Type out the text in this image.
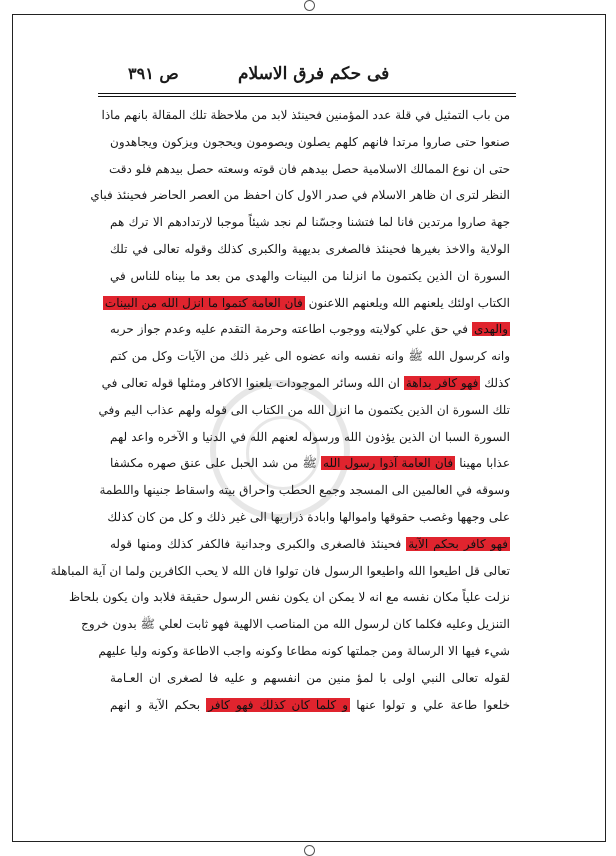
فی حکم فرق الاسلام
ص ۳۹۱
من باب التمثيل في قلة عدد المؤمنين فحينئذ لابد من ملاحظة تلك المقالة بانهم ماذا
صنعوا حتى صاروا مرتدا فانهم كلهم يصلون ويصومون ويحجون ويزكون ويجاهدون
حتى ان نوع الممالك الاسلامية حصل بيدهم فان قوته وسعته حصل بيدهم فلو دقت
النظر لترى ان ظاهر الاسلام في صدر الاول كان احفظ من العصر الحاضر فحينئذ فباي
جهة صاروا مرتدين فانا لما فتشنا وجسّنا لم نجد شيئاً موجبا لارتدادهم الا ترك هم
الولاية والاخذ بغيرها فحينئذ فالصغرى بديهية والكبرى كذلك وقوله تعالى في تلك
السورة ان الذين يكتمون ما انزلنا من البينات والهدى من بعد ما بيناه للناس في
الكتاب اولئك يلعنهم الله ويلعنهم اللاعنون فان العامة كتموا ما انزل الله من البينات
والهدى في حق علي كولايته ووجوب اطاعته وحرمة التقدم عليه وعدم جواز حربه
وانه كرسول الله ﷺ وانه نفسه وانه عضوه الى غير ذلك من الآيات وكل من كتم
كذلك فهو كافر بداهة ان الله وسائر الموجودات يلعنوا الاكافر ومثلها قوله تعالى في
تلك السورة ان الذين يكتمون ما انزل الله من الكتاب الى قوله ولهم عذاب اليم وفي
السورة السبا ان الذين يؤذون الله ورسوله لعنهم الله في الدنيا و الآخره واعد لهم
عذابا مهينا فان العامة آذوا رسول الله ﷺ من شد الحبل على عنق صهره مكشفا
وسوقه في العالمين الى المسجد وجمع الحطب واحراق بيته واسقاط جنينها واللطمة
على وجهها وغصب حقوقها واموالها وابادة ذراريها الى غير ذلك و كل من كان كذلك
فهو كافر بحكم الآية فحينئذ فالصغرى والكبرى وجدانية فالكفر كذلك ومنها قوله
تعالى قل اطيعوا الله واطيعوا الرسول فان تولوا فان الله لا يحب الكافرين ولما ان آية المباهلة
نزلت علياً مكان نفسه مع انه لا يمكن ان يكون نفس الرسول حقيقة فلابد وان يكون بلحاظ
التنزيل وعليه فكلما كان لرسول الله من المناصب الالهية فهو ثابت لعلي ﷺ بدون خروج
شيء فيها الا الرسالة ومن جملتها كونه مطاعا وكونه واجب الاطاعة وكونه وليا عليهم
لقوله تعالى النبي اولى با لمؤ منين من انفسهم و عليه فا لصغرى ان العـامة
خلعوا طاعة علي و تولوا عنها و كلما كان كذلك فهو كافر بحكم الآية و انهم
